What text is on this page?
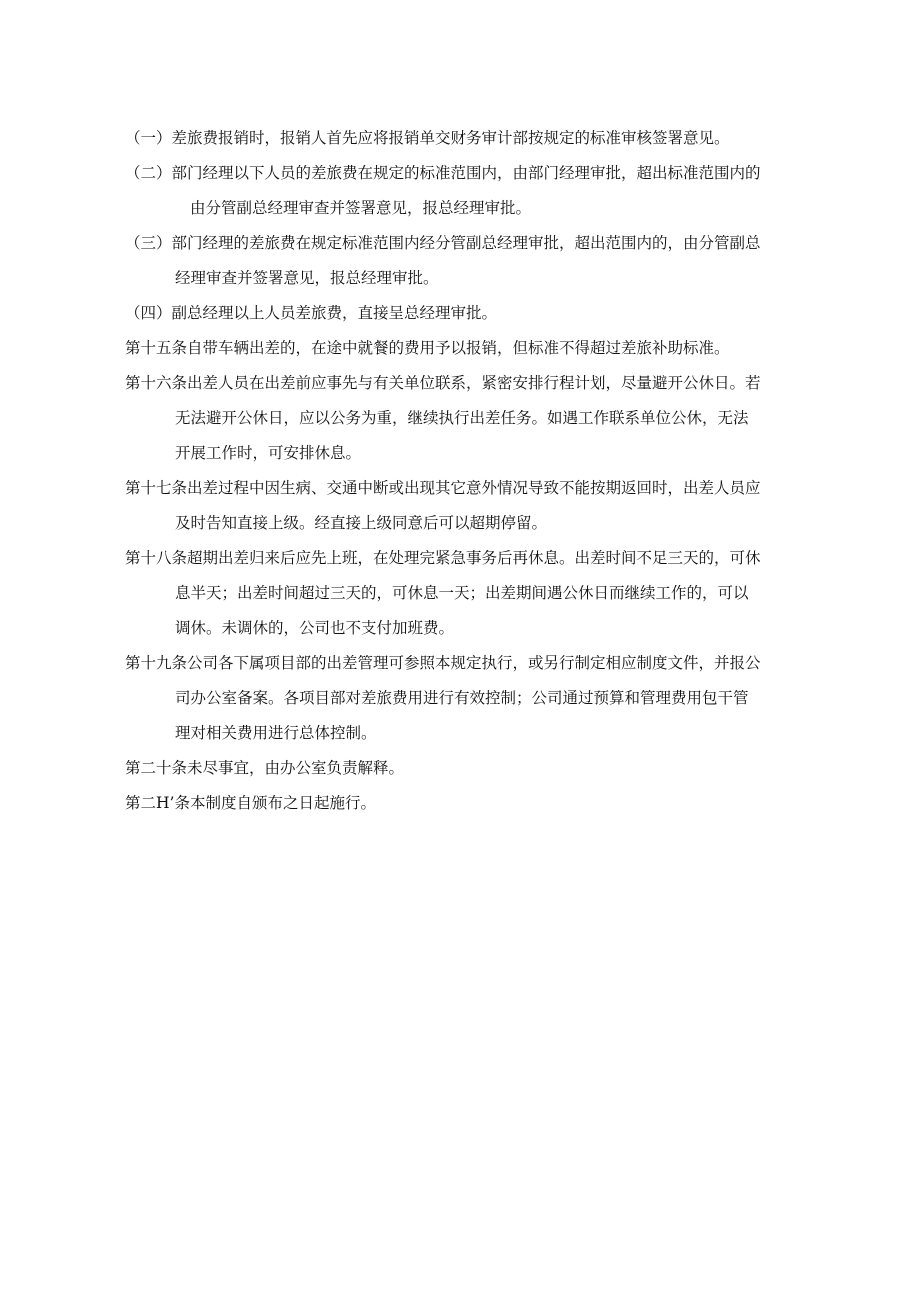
（一）差旅费报销时，报销人首先应将报销单交财务审计部按规定的标准审核签署意见。

（二）部门经理以下人员的差旅费在规定的标准范围内，由部门经理审批，超出标准范围内的
由分管副总经理审查并签署意见，报总经理审批。

（三）部门经理的差旅费在规定标准范围内经分管副总经理审批，超出范围内的，由分管副总
经理审查并签署意见，报总经理审批。

（四）副总经理以上人员差旅费，直接呈总经理审批。

第十五条自带车辆出差的，在途中就餐的费用予以报销，但标准不得超过差旅补助标准。

第十六条出差人员在出差前应事先与有关单位联系，紧密安排行程计划，尽量避开公休日。若
无法避开公休日，应以公务为重，继续执行出差任务。如遇工作联系单位公休，无法
开展工作时，可安排休息。

第十七条出差过程中因生病、交通中断或出现其它意外情况导致不能按期返回时，出差人员应
及时告知直接上级。经直接上级同意后可以超期停留。

第十八条超期出差归来后应先上班，在处理完紧急事务后再休息。出差时间不足三天的，可休
息半天；出差时间超过三天的，可休息一天；出差期间遇公休日而继续工作的，可以
调休。未调休的，公司也不支付加班费。

第十九条公司各下属项目部的出差管理可参照本规定执行，或另行制定相应制度文件，并报公
司办公室备案。各项目部对差旅费用进行有效控制；公司通过预算和管理费用包干管
理对相关费用进行总体控制。

第二十条未尽事宜，由办公室负责解释。

第二H’条本制度自颁布之日起施行。
